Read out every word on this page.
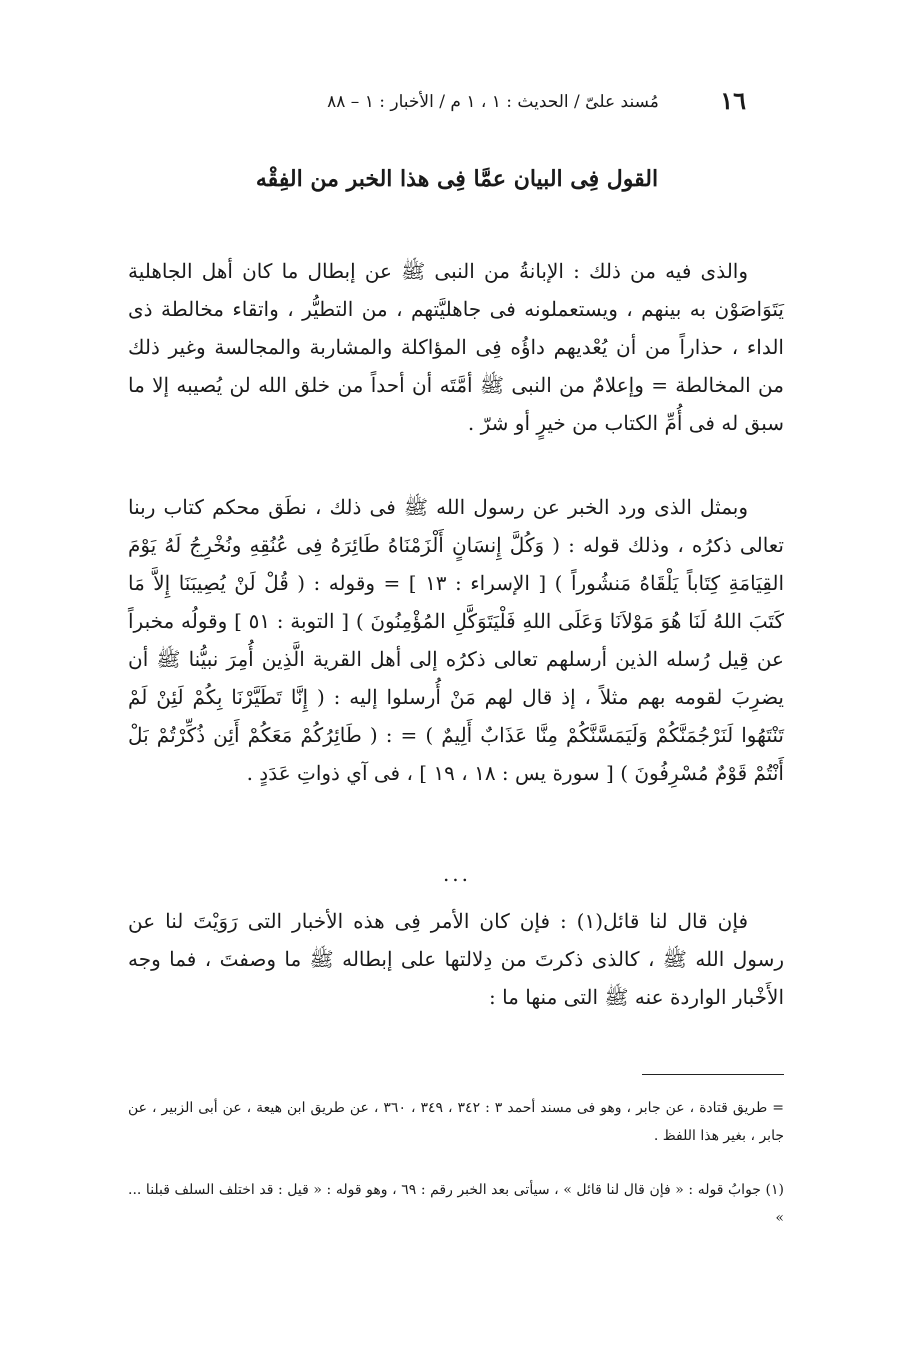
١٦
مُسند علىّ / الحديث : ١ ، ١ م / الأخبار : ١ – ٨٨
القول فِى البيان عمَّا فِى هذا الخبر من الفِقْه

والذى فيه من ذلك : الإبانةُ من النبى ﷺ عن إبطال ما كان أهل الجاهلية يَتَوَاصَوْن به بينهم ، ويستعملونه فى جاهليَّتهم ، من التطيُّر ، واتقاء مخالطة ذى الداء ، حذاراً من أن يُعْديهم داؤُه فِى المؤاكلة والمشاربة والمجالسة وغير ذلك من المخالطة = وإعلامٌ من النبى ﷺ أمَّتَه أن أحداً من خلق الله لن يُصيبه إلا ما سبق له فى أُمِّ الكتاب من خيرٍ أو شرّ .

وبمثل الذى ورد الخبر عن رسول الله ﷺ فى ذلك ، نطَق محكم كتاب ربنا تعالى ذكرُه ، وذلك قوله : ( وَكُلَّ إِنسَانٍ أَلْزَمْنَاهُ طَائِرَهُ فِى عُنُقِهِ ونُخْرِجُ لَهُ يَوْمَ القِيَامَةِ كِتَاباً يَلْقَاهُ مَنشُوراً ) [ الإسراء : ١٣ ] = وقوله : ( قُلْ لَنْ يُصِيبَنَا إِلاَّ مَا كَتَبَ اللهُ لَنَا هُوَ مَوْلاَنَا وَعَلَى اللهِ فَلْيَتَوَكَّلِ المُؤْمِنُونَ ) [ التوبة : ٥١ ] وقولُه مخبراً عن قِيل رُسله الذين أرسلهم تعالى ذكرُه إلى أهل القرية الَّذِين أُمِرَ نبيُّنا ﷺ أن يضرِبَ لقومه بهم مثلاً ، إذ قال لهم مَنْ أُرسلوا إليه : ( إِنَّا تَطَيَّرْنَا بِكُمْ لَئِنْ لَمْ تَنْتَهُوا لَنَرْجُمَنَّكُمْ وَلَيَمَسَّنَّكُمْ مِنَّا عَذَابٌ أَلِيمٌ ) = : ( طَائِرُكُمْ مَعَكُمْ أَئِن ذُكِّرْتُمْ بَلْ أَنْتُمْ قَوْمٌ مُسْرِفُونَ ) [ سورة يس : ١٨ ، ١٩ ] ، فى آي ذواتِ عَدَدٍ .

...

فإن قال لنا قائل(١) : فإن كان الأمر فِى هذه الأخبار التى رَوَيْتَ لنا عن رسول الله ﷺ ، كالذى ذكرتَ من دِلالتها على إبطاله ﷺ ما وصفتَ ، فما وجه الأَخْبار الواردة عنه ﷺ التى منها ما :

= طريق قتادة ، عن جابر ، وهو فى مسند أحمد ٣ : ٣٤٢ ، ٣٤٩ ، ٣٦٠ ، عن طريق ابن هيعة ، عن أبى الزبير ، عن جابر ، بغير هذا اللفظ .
(١) جوابُ قوله : « فإن قال لنا قائل » ، سيأتى بعد الخبر رقم : ٦٩ ، وهو قوله : « قيل : قد اختلف السلف قبلنا ... »
